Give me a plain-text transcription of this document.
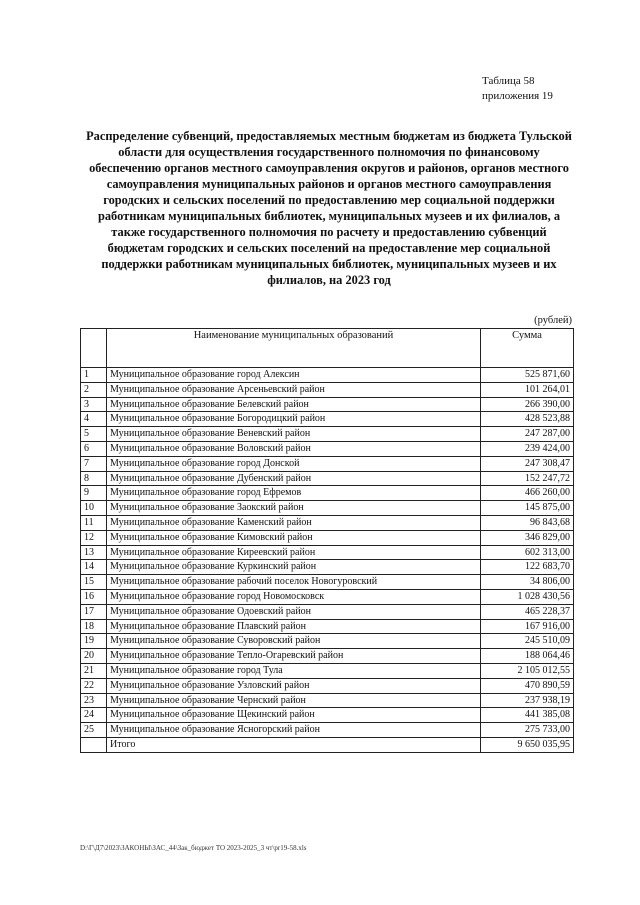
Таблица 58
приложения 19
Распределение субвенций, предоставляемых местным бюджетам из бюджета Тульской области для осуществления государственного полномочия по финансовому обеспечению органов местного самоуправления округов и районов, органов местного самоуправления муниципальных районов и органов местного самоуправления городских и сельских поселений по предоставлению мер социальной поддержки работникам муниципальных библиотек, муниципальных музеев и их филиалов, а также государственного полномочия по расчету и предоставлению субвенций бюджетам городских и сельских поселений на предоставление мер социальной поддержки работникам муниципальных библиотек, муниципальных музеев и их филиалов, на 2023 год
(рублей)
	Наименование муниципальных образований	Сумма
1	Муниципальное образование город Алексин	525 871,60
2	Муниципальное образование Арсеньевский район	101 264,01
3	Муниципальное образование Белевский район	266 390,00
4	Муниципальное образование Богородицкий район	428 523,88
5	Муниципальное образование Веневский район	247 287,00
6	Муниципальное образование Воловский район	239 424,00
7	Муниципальное образование город Донской	247 308,47
8	Муниципальное образование Дубенский район	152 247,72
9	Муниципальное образование город Ефремов	466 260,00
10	Муниципальное образование Заокский район	145 875,00
11	Муниципальное образование Каменский район	96 843,68
12	Муниципальное образование Кимовский район	346 829,00
13	Муниципальное образование Киреевский район	602 313,00
14	Муниципальное образование Куркинский район	122 683,70
15	Муниципальное образование рабочий поселок Новогуровский	34 806,00
16	Муниципальное образование город Новомосковск	1 028 430,56
17	Муниципальное образование Одоевский район	465 228,37
18	Муниципальное образование Плавский район	167 916,00
19	Муниципальное образование Суворовский район	245 510,09
20	Муниципальное образование Тепло-Огаревский район	188 064,46
21	Муниципальное образование город Тула	2 105 012,55
22	Муниципальное образование Узловский район	470 890,59
23	Муниципальное образование Чернский район	237 938,19
24	Муниципальное образование Щекинский район	441 385,08
25	Муниципальное образование Ясногорский район	275 733,00
	Итого	9 650 035,95
D:\Г\Д7\2023\ЗАКОНЫ\ЗАС_44\Зак_бюджет ТО 2023-2025_3 чт\pr19-58.xls
